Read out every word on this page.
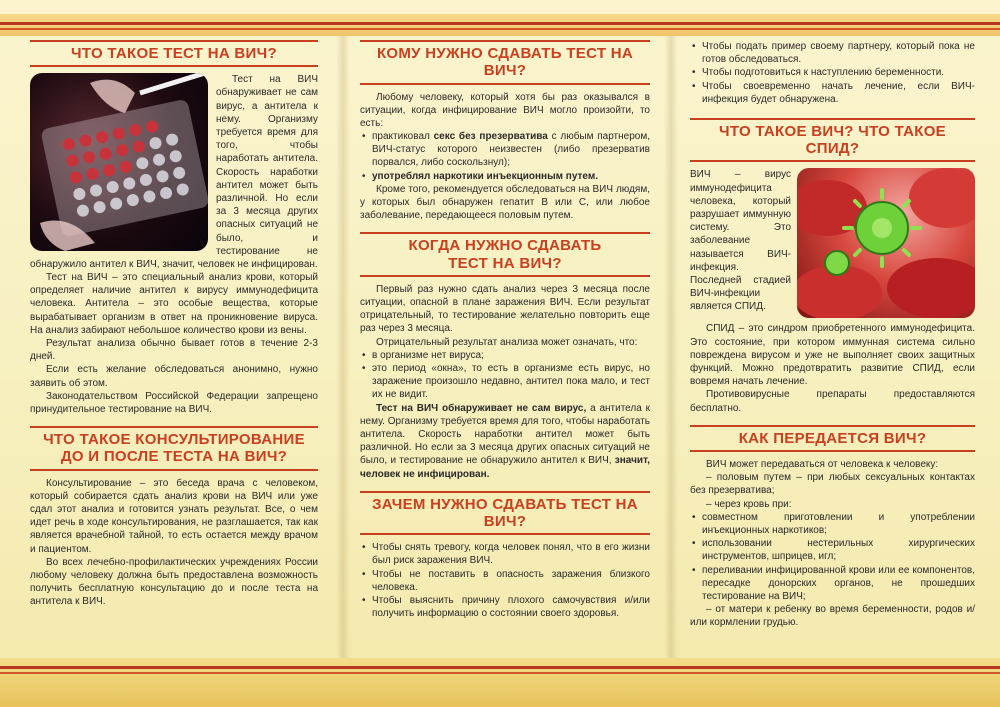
ЧТО ТАКОЕ ТЕСТ НА ВИЧ?

Тест на ВИЧ обнаруживает не сам вирус, а антитела к нему. Организму требуется время для того, чтобы наработать антитела. Скорость наработки антител может быть различной. Но если за 3 месяца других опасных ситуаций не было, и тестирование не обнаружило антител к ВИЧ, значит, человек не инфицирован.

Тест на ВИЧ – это специальный анализ крови, который определяет наличие антител к вирусу иммунодефицита человека. Антитела – это особые вещества, которые вырабатывает организм в ответ на проникновение вируса. На анализ забирают небольшое количество крови из вены.

Результат анализа обычно бывает готов в течение 2-3 дней.

Если есть желание обследоваться анонимно, нужно заявить об этом.

Законодательством Российской Федерации запрещено принудительное тестирование на ВИЧ.

ЧТО ТАКОЕ КОНСУЛЬТИРОВАНИЕ
ДО И ПОСЛЕ ТЕСТА НА ВИЧ?

Консультирование – это беседа врача с человеком, который собирается сдать анализ крови на ВИЧ или уже сдал этот анализ и готовится узнать результат. Все, о чем идет речь в ходе консультирования, не разглашается, так как является врачебной тайной, то есть остается между врачом и пациентом.

Во всех лечебно-профилактических учреждениях России любому человеку должна быть предоставлена возможность получить бесплатную консультацию до и после теста на антитела к ВИЧ.

КОМУ НУЖНО СДАВАТЬ ТЕСТ НА ВИЧ?

Любому человеку, который хотя бы раз оказывался в ситуации, когда инфицирование ВИЧ могло произойти, то есть:

• практиковал секс без презерватива с любым партнером, ВИЧ-статус которого неизвестен (либо презерватив порвался, либо соскользнул);

• употреблял наркотики инъекционным путем.

Кроме того, рекомендуется обследоваться на ВИЧ людям, у которых был обнаружен гепатит В или С, или любое заболевание, передающееся половым путем.

КОГДА НУЖНО СДАВАТЬ
ТЕСТ НА ВИЧ?

Первый раз нужно сдать анализ через 3 месяца после ситуации, опасной в плане заражения ВИЧ. Если результат отрицательный, то тестирование желательно повторить еще раз через 3 месяца.

Отрицательный результат анализа может означать, что:

• в организме нет вируса;

• это период «окна», то есть в организме есть вирус, но заражение произошло недавно, антител пока мало, и тест их не видит.

Тест на ВИЧ обнаруживает не сам вирус, а антитела к нему. Организму требуется время для того, чтобы наработать антитела. Скорость наработки антител может быть различной. Но если за 3 месяца других опасных ситуаций не было, и тестирование не обнаружило антител к ВИЧ, значит, человек не инфицирован.

ЗАЧЕМ НУЖНО СДАВАТЬ ТЕСТ НА ВИЧ?

• Чтобы снять тревогу, когда человек понял, что в его жизни был риск заражения ВИЧ.

• Чтобы не поставить в опасность заражения близкого человека.

• Чтобы выяснить причину плохого самочувствия и/или получить информацию о состоянии своего здоровья.

• Чтобы подать пример своему партнеру, который пока не готов обследоваться.

• Чтобы подготовиться к наступлению беременности.

• Чтобы своевременно начать лечение, если ВИЧ-инфекция будет обнаружена.

ЧТО ТАКОЕ ВИЧ? ЧТО ТАКОЕ СПИД?

ВИЧ – вирус иммунодефицита человека, который разрушает иммунную систему. Это заболевание называется ВИЧ-инфекция. Последней стадией ВИЧ-инфекции является СПИД.

СПИД – это синдром приобретенного иммунодефицита. Это состояние, при котором иммунная система сильно повреждена вирусом и уже не выполняет своих защитных функций. Можно предотвратить развитие СПИД, если вовремя начать лечение.

Противовирусные препараты предоставляются бесплатно.

КАК ПЕРЕДАЕТСЯ ВИЧ?

ВИЧ может передаваться от человека к человеку:

– половым путем – при любых сексуальных контактах без презерватива;

– через кровь при:

• совместном приготовлении и употреблении инъекционных наркотиков;

• использовании нестерильных хирургических инструментов, шприцев, игл;

• переливании инфицированной крови или ее компонентов, пересадке донорских органов, не прошедших тестирование на ВИЧ;

– от матери к ребенку во время беременности, родов и/или кормлении грудью.
